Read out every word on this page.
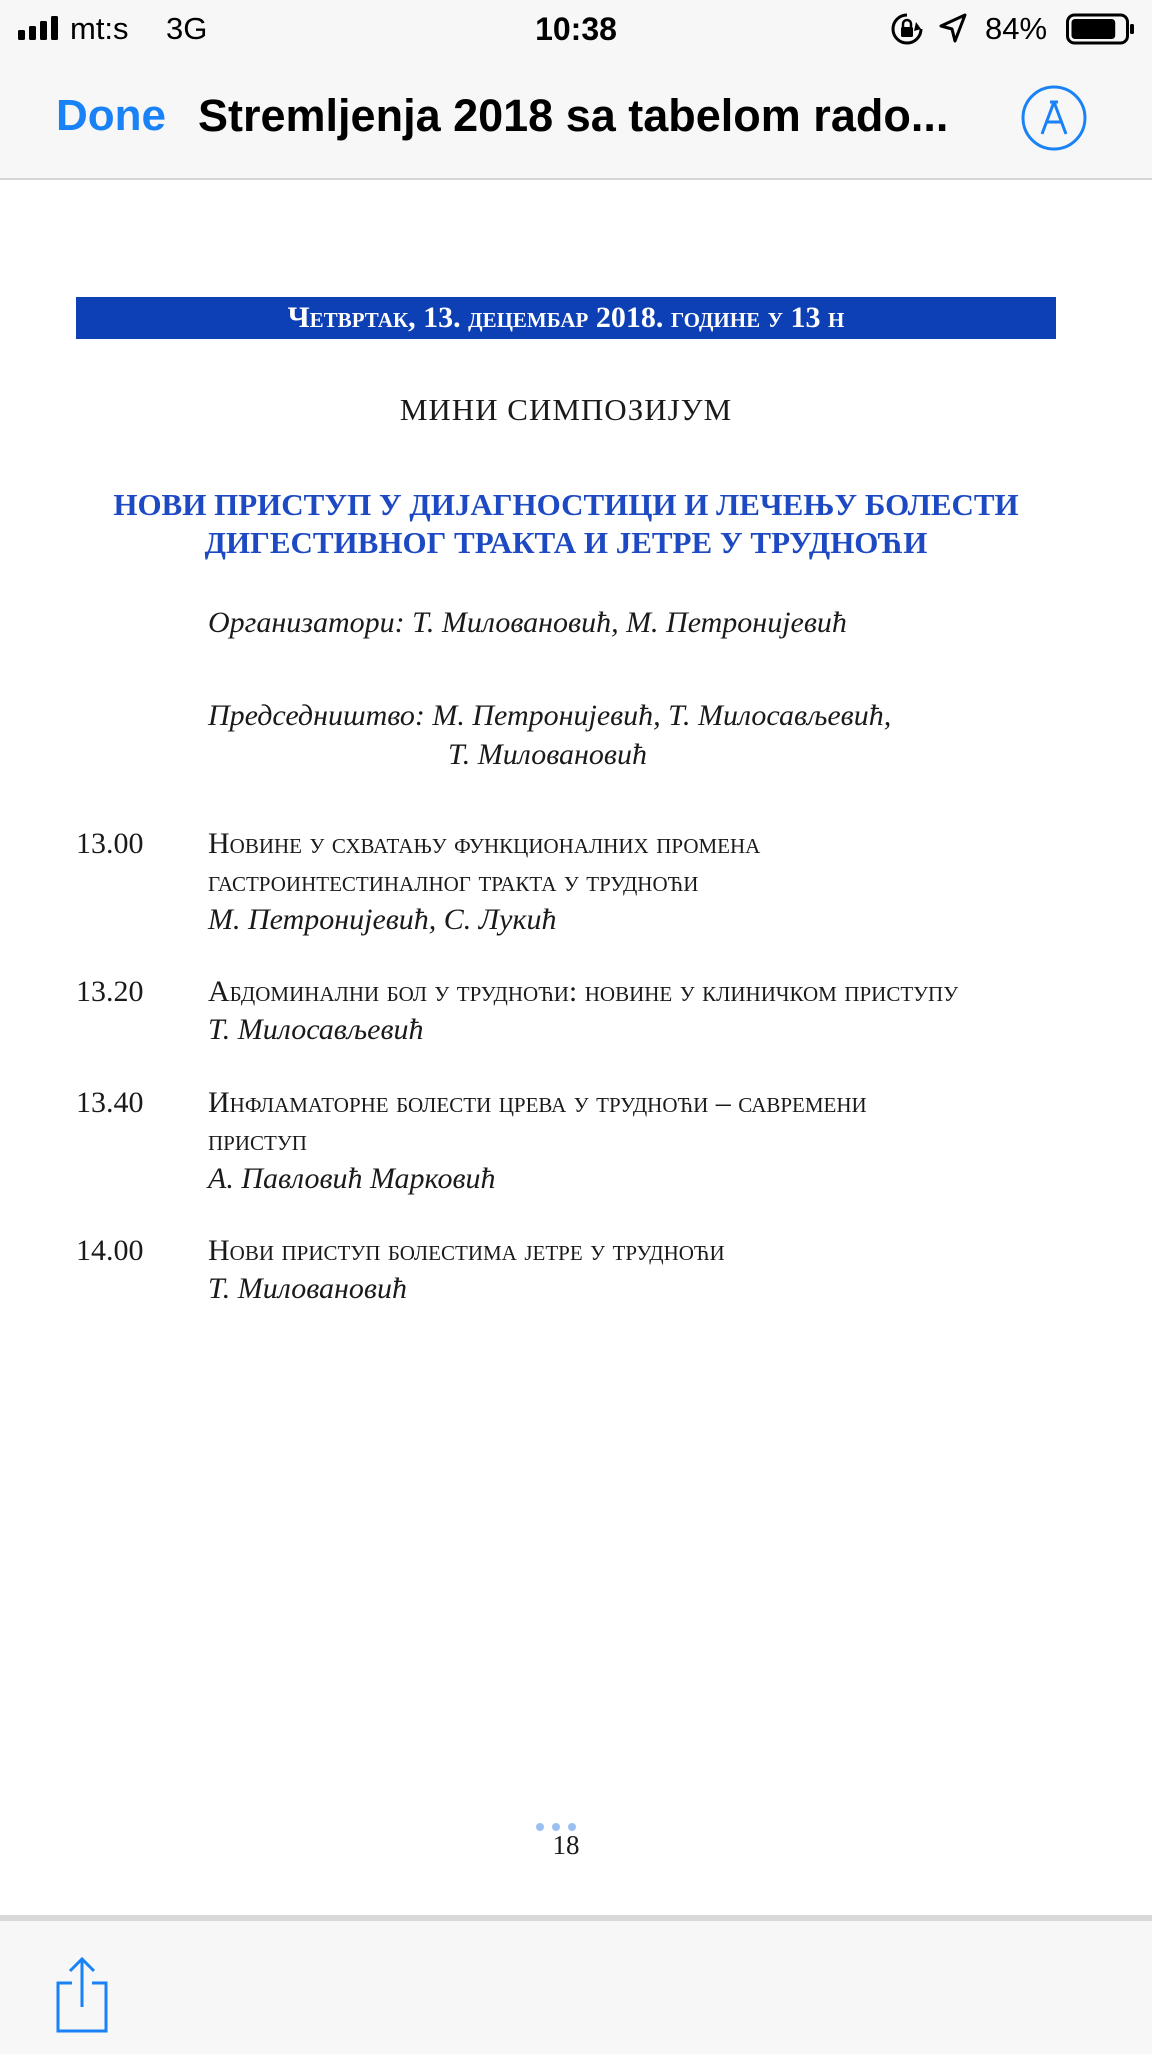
mt:s 3G	10:38	84%
Done Stremljenja 2018 sa tabelom rado...
Четвртак, 13. децембар 2018. године у 13 h
МИНИ СИМПОЗИЈУМ
НОВИ ПРИСТУП У ДИЈАГНОСТИЦИ И ЛЕЧЕЊУ БОЛЕСТИ
ДИГЕСТИВНОГ ТРАКТА И ЈЕТРЕ У ТРУДНОЋИ
Организатори: Т. Миловановић, М. Петронијевић
Председништво: М. Петронијевић, Т. Милосављевић,
Т. Миловановић
13.00 Новине у схватању функционалних промена
гастроинтестиналног тракта у трудноћи
М. Петронијевић, С. Лукић
13.20 Абдоминални бол у трудноћи: новине у клиничком приступу
Т. Милосављевић
13.40 Инфламаторне болести црева у трудноћи – савремени
приступ
А. Павловић Марковић
14.00 Нови приступ болестима јетре у трудноћи
Т. Миловановић
18
